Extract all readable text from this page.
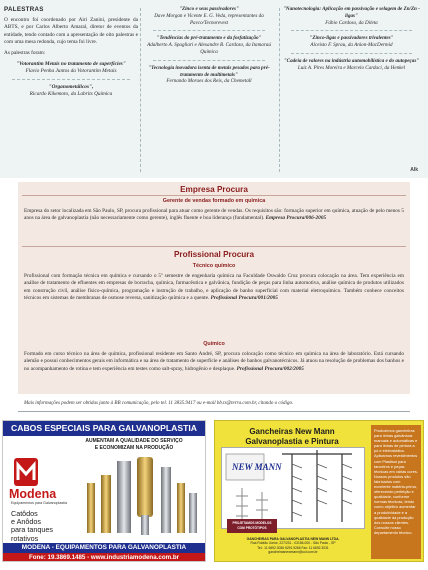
PALESTRAS

O encontro foi coordenado por Airi Zanini, presidente da ABTS, e por Carlos Alberto Amaral, diretor de eventos da entidade, tendo contado com a apresentação de oito palestras e com uma mesa redonda, cujo tema foi livre.

As palestras foram:

"Votorantim Metais no tratamento de superfícies"
Flavio Penha Juntos da Votorantim Metais
"Organometálicos",
Ricardo Kikemoto, da Labrits Química
"Zinco e seus passivadores"
Dave Morgan e Vicente E. G. Veda, representantes da Pavco/Tecnorevest
"Tendências do pré-tratamento e da fosfatização"
Adalberto A. Spagliari e Alexandre B. Cardozo, da Itamaraú Química
"Tecnologia inovadora isenta de metais pesados para pré-tratamento de multimetais"
Fernando Moraes dos Reis, da Chemetall
"Nanotecnologia: Aplicação em passivação e selagem de Zn/Zn - ligas"
Fábio Cardoso, da Dileta
"Zinco-ligas e passivadores trivalentes"
Alceisto F. Sprau, da Anion-MacDermid
"Cadeia de valores na indústria automobilística e do autopeças"
Luiz A. Pires Moreira e Marcelo Cardaci, da Henkel
Alk
Empresa Procura
Gerente de vendas formado em química
Empresa do setor localizada em São Paulo, SP, procura profissional para atuar como gerente de vendas. Os requisitos são: formação superior em química, atuação de pelo menos 5 anos na área de galvanoplastia (não necessariamente como gerente), inglês fluente e boa liderança (fundamental). Empresa Procura/006-2005
Profissional Procura
Técnico químico
Profissional com formação técnica em química e cursando o 5º semestre de engenharia química na Faculdade Oswaldo Cruz procura colocação na área. Tem experiência em análise de tratamento de efluentes em empresas de borracha, química, farmacêutica e galvânica, fundição de peças para linha automotiva, análise química de produtos utilizados em construção civil, análise físico-química, programação e instrução de trabalho, e aplicação de banho superficial com material eletroquímico. Também conhece conceitos técnicos em sistemas de membranas de osmose reversa, sanitização química e a quente. Profissional Procura/001/2005
Químico
Formado em curso técnico na área de química, profissional residente em Santo André, SP, procura colocação como técnico em química na área de laboratório. Está cursando alemão e possui conhecimentos gerais em informática e na área de tratamento de superfície e análises de banhos galvanotécnicos. Já atuou na resolução de problemas dos banhos e no acompanhamento de rotina e tem experiência em testes como salt-spray, hidrogênio e desplaque. Profissional Procura/002/2005
Mais informações podem ser obtidas junto à BB comunicação, pelo tel. 11 3835.9417 ou e-mail bb.ts@terra.com.br, citando o código.
CABOS ESPECIAIS PARA GALVANOPLASTIA
AUMENTAM A QUALIDADE DO SERVIÇO
E ECONOMIZAM NA PRODUÇÃO
Modena
Equipamentos para Galvanoplastia
Catôdos
e Anôdos
para tanques
rotativos
MODENA - EQUIPAMENTOS PARA GALVANOPLASTIA
Fone: 19.3869.1485 - www.industriamodena.com.br
Gancheiras New Mann
Galvanoplastia e Pintura
NEW MANN
PROJETAMOS MODELOS
COM PROTÓTIPOS
GANCHEIRAS PARA GALVANOPLASTIA NEW MANN LTDA.
Rua Rubião Júnior, 227/231 - 03156-000 - São Paulo - SP
Tel.: 11 6692.3036 6291.9266 Fax: 11 6692.3031
gancheirasnewmann@uol.com.br
Produzimos gancheiras para linhas galvânicas manuais e automáticas e para linhas de pintura a pó e eletrostática. Aplicamos revestimentos com Plastisol para tanceiros e peças técnicas em várias cores. Nossos produtos são fabricados com excelente matéria-prima, oferecendo perfeição e qualidade, conforme normas técnicas, tendo como objetivo aumentar a produtividade e a qualidade da produção dos nossos clientes. Consulte nosso departamento técnico.
